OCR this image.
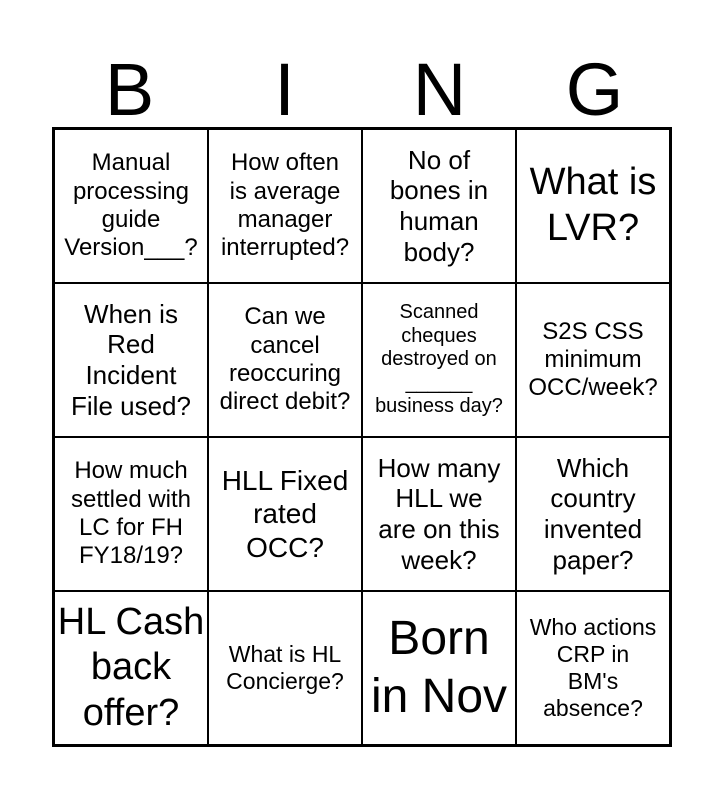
B	I	N	G
Manual
processing
guide
Version___?
How often
is average
manager
interrupted?
No of
bones in
human
body?
What is
LVR?
When is
Red
Incident
File used?
Can we
cancel
reoccuring
direct debit?
Scanned
cheques
destroyed on
______
business day?
S2S CSS
minimum
OCC/week?
How much
settled with
LC for FH
FY18/19?
HLL Fixed
rated
OCC?
How many
HLL we
are on this
week?
Which
country
invented
paper?
HL Cash
back
offer?
What is HL
Concierge?
Born
in Nov
Who actions
CRP in
BM's
absence?
